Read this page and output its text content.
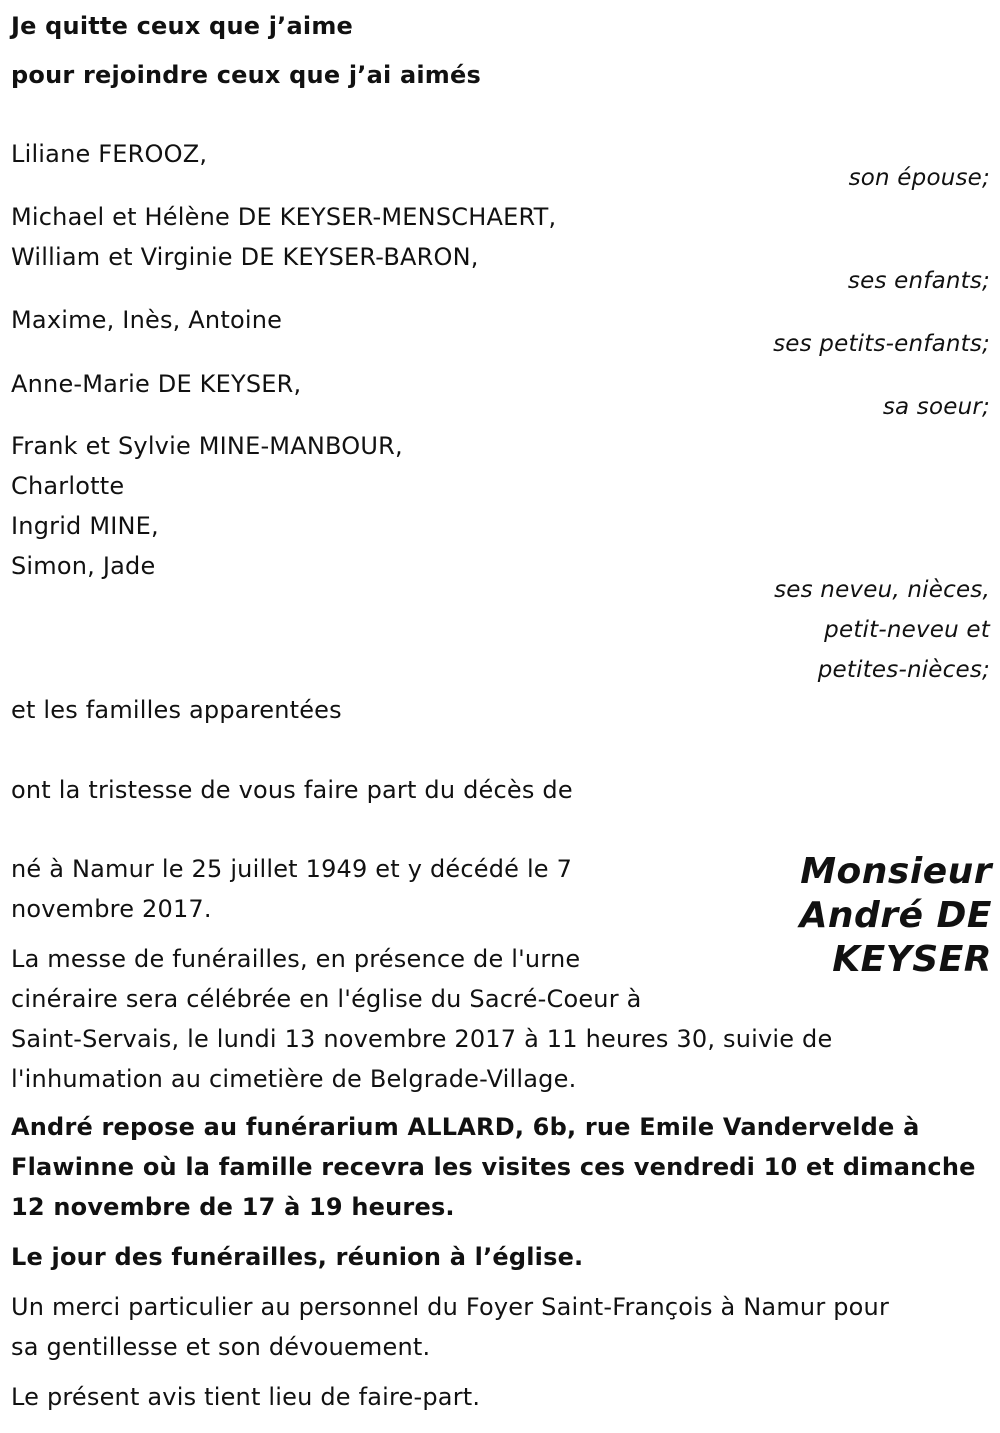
Je quitte ceux que j’aime
pour rejoindre ceux que j’ai aimés
Liliane FEROOZ,
son épouse;
Michael et Hélène DE KEYSER-MENSCHAERT,
William et Virginie DE KEYSER-BARON,
ses enfants;
Maxime, Inès, Antoine
ses petits-enfants;
Anne-Marie DE KEYSER,
sa soeur;
Frank et Sylvie MINE-MANBOUR,
Charlotte
Ingrid MINE,
Simon, Jade
ses neveu, nièces,
petit-neveu et
petites-nièces;
et les familles apparentées
ont la tristesse de vous faire part du décès de
Monsieur
André DE
KEYSER
né à Namur le 25 juillet 1949 et y décédé le 7
novembre 2017.
La messe de funérailles, en présence de l'urne
cinéraire sera célébrée en l'église du Sacré-Coeur à
Saint-Servais, le lundi 13 novembre 2017 à 11 heures 30, suivie de
l'inhumation au cimetière de Belgrade-Village.
André repose au funérarium ALLARD, 6b, rue Emile Vandervelde à
Flawinne où la famille recevra les visites ces vendredi 10 et dimanche
12 novembre de 17 à 19 heures.
Le jour des funérailles, réunion à l’église.
Un merci particulier au personnel du Foyer Saint-François à Namur pour
sa gentillesse et son dévouement.
Le présent avis tient lieu de faire-part.
